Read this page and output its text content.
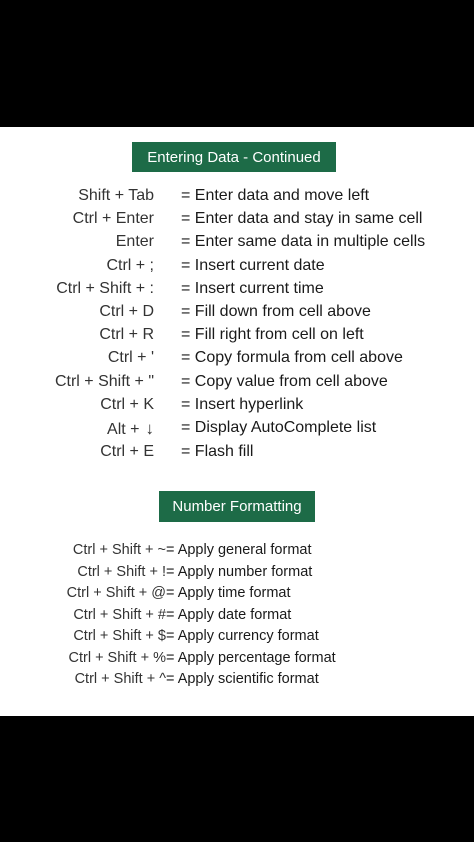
Entering Data - Continued
Shift + Tab = Enter data and move left
Ctrl + Enter = Enter data and stay in same cell
Enter = Enter same data in multiple cells
Ctrl + ; = Insert current date
Ctrl + Shift + : = Insert current time
Ctrl + D = Fill down from cell above
Ctrl + R = Fill right from cell on left
Ctrl + ' = Copy formula from cell above
Ctrl + Shift + " = Copy value from cell above
Ctrl + K = Insert hyperlink
Alt + ↓ = Display AutoComplete list
Ctrl + E = Flash fill
Number Formatting
Ctrl + Shift + ~ = Apply general format
Ctrl + Shift + ! = Apply number format
Ctrl + Shift + @ = Apply time format
Ctrl + Shift + # = Apply date format
Ctrl + Shift + $ = Apply currency format
Ctrl + Shift + % = Apply percentage format
Ctrl + Shift + ^ = Apply scientific format
